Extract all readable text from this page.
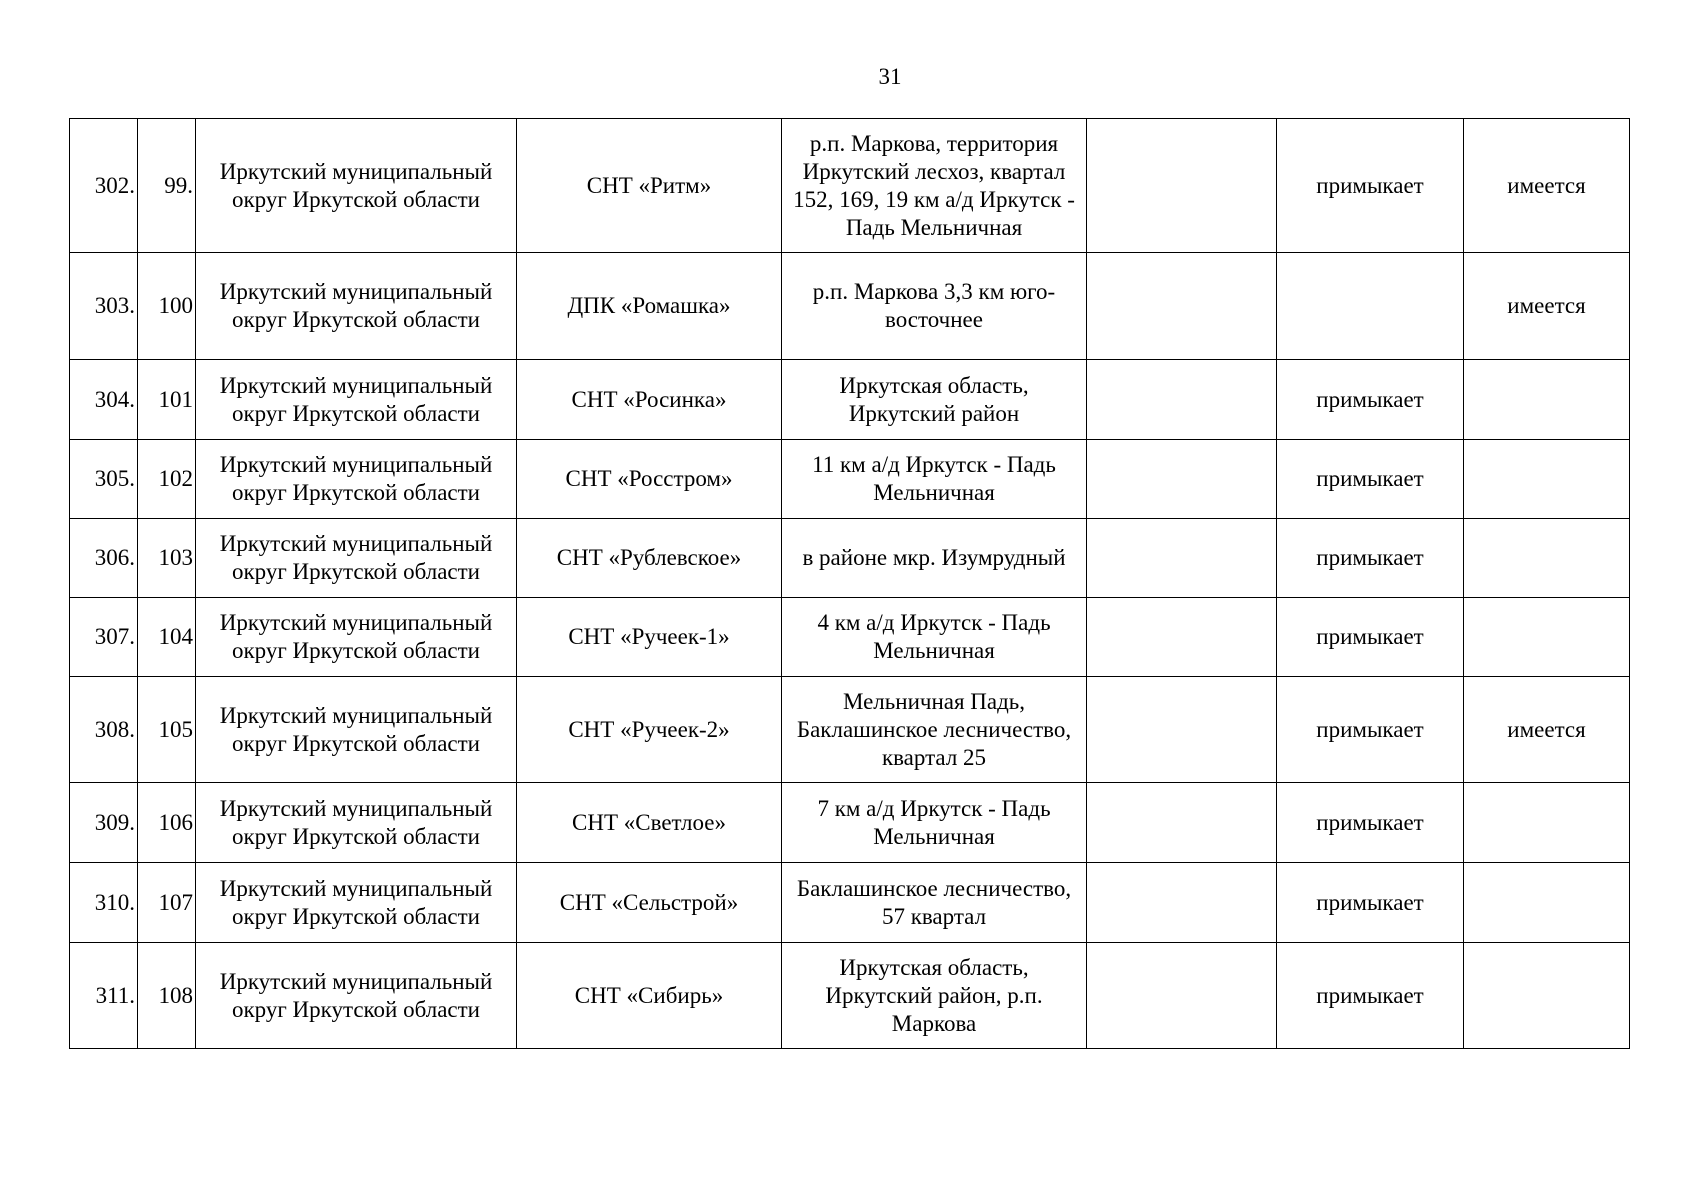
31
302.	99.	Иркутский муниципальный округ Иркутской области	СНТ «Ритм»	р.п. Маркова, территория Иркутский лесхоз, квартал 152, 169, 19 км а/д Иркутск - Падь Мельничная		примыкает	имеется
303.	100	Иркутский муниципальный округ Иркутской области	ДПК «Ромашка»	р.п. Маркова 3,3 км юго-восточнее			имеется
304.	101	Иркутский муниципальный округ Иркутской области	СНТ «Росинка»	Иркутская область, Иркутский район		примыкает	
305.	102	Иркутский муниципальный округ Иркутской области	СНТ «Росстром»	11 км а/д Иркутск - Падь Мельничная		примыкает	
306.	103	Иркутский муниципальный округ Иркутской области	СНТ «Рублевское»	в районе мкр. Изумрудный		примыкает	
307.	104	Иркутский муниципальный округ Иркутской области	СНТ «Ручеек-1»	4 км а/д Иркутск - Падь Мельничная		примыкает	
308.	105	Иркутский муниципальный округ Иркутской области	СНТ «Ручеек-2»	Мельничная Падь, Баклашинское лесничество, квартал 25		примыкает	имеется
309.	106	Иркутский муниципальный округ Иркутской области	СНТ «Светлое»	7 км а/д Иркутск - Падь Мельничная		примыкает	
310.	107	Иркутский муниципальный округ Иркутской области	СНТ «Сельстрой»	Баклашинское лесничество, 57 квартал		примыкает	
311.	108	Иркутский муниципальный округ Иркутской области	СНТ «Сибирь»	Иркутская область, Иркутский район, р.п. Маркова		примыкает	
